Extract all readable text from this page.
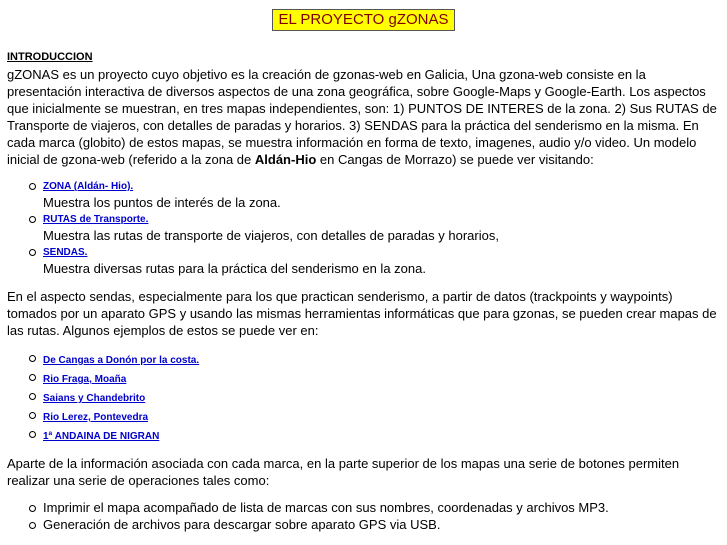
EL PROYECTO gZONAS
INTRODUCCION

gZONAS es un proyecto cuyo objetivo es la creación de gzonas-web en Galicia, Una gzona-web consiste en la presentación interactiva de diversos aspectos de una zona geográfica, sobre Google-Maps y Google-Earth. Los aspectos que inicialmente se muestran, en tres mapas independientes, son: 1) PUNTOS DE INTERES de la zona. 2) Sus RUTAS de Transporte de viajeros, con detalles de paradas y horarios. 3) SENDAS para la práctica del senderismo en la misma. En cada marca (globito) de estos mapas, se muestra información en forma de texto, imagenes, audio y/o video. Un modelo inicial de gzona-web (referido a la zona de Aldán-Hio en Cangas de Morrazo) se puede ver visitando:

ZONA (Aldán- Hio).
Muestra los puntos de interés de la zona.
RUTAS de Transporte.
Muestra las rutas de transporte de viajeros, con detalles de paradas y horarios,
SENDAS.
Muestra diversas rutas para la práctica del senderismo en la zona.

En el aspecto sendas, especialmente para los que practican senderismo, a partir de datos (trackpoints y waypoints) tomados por un aparato GPS y usando las mismas herramientas informáticas que para gzonas, se pueden crear mapas de las rutas. Algunos ejemplos de estos se puede ver en:

De Cangas a Donón por la costa.
Rio Fraga, Moaña
Saians y Chandebrito
Rio Lerez, Pontevedra
1ª ANDAINA DE NIGRAN

Aparte de la información asociada con cada marca, en la parte superior de los mapas una serie de botones permiten realizar una serie de operaciones tales como:

Imprimir el mapa acompañado de lista de marcas con sus nombres, coordenadas y archivos MP3.
Generación de archivos para descargar sobre aparato GPS via USB.
